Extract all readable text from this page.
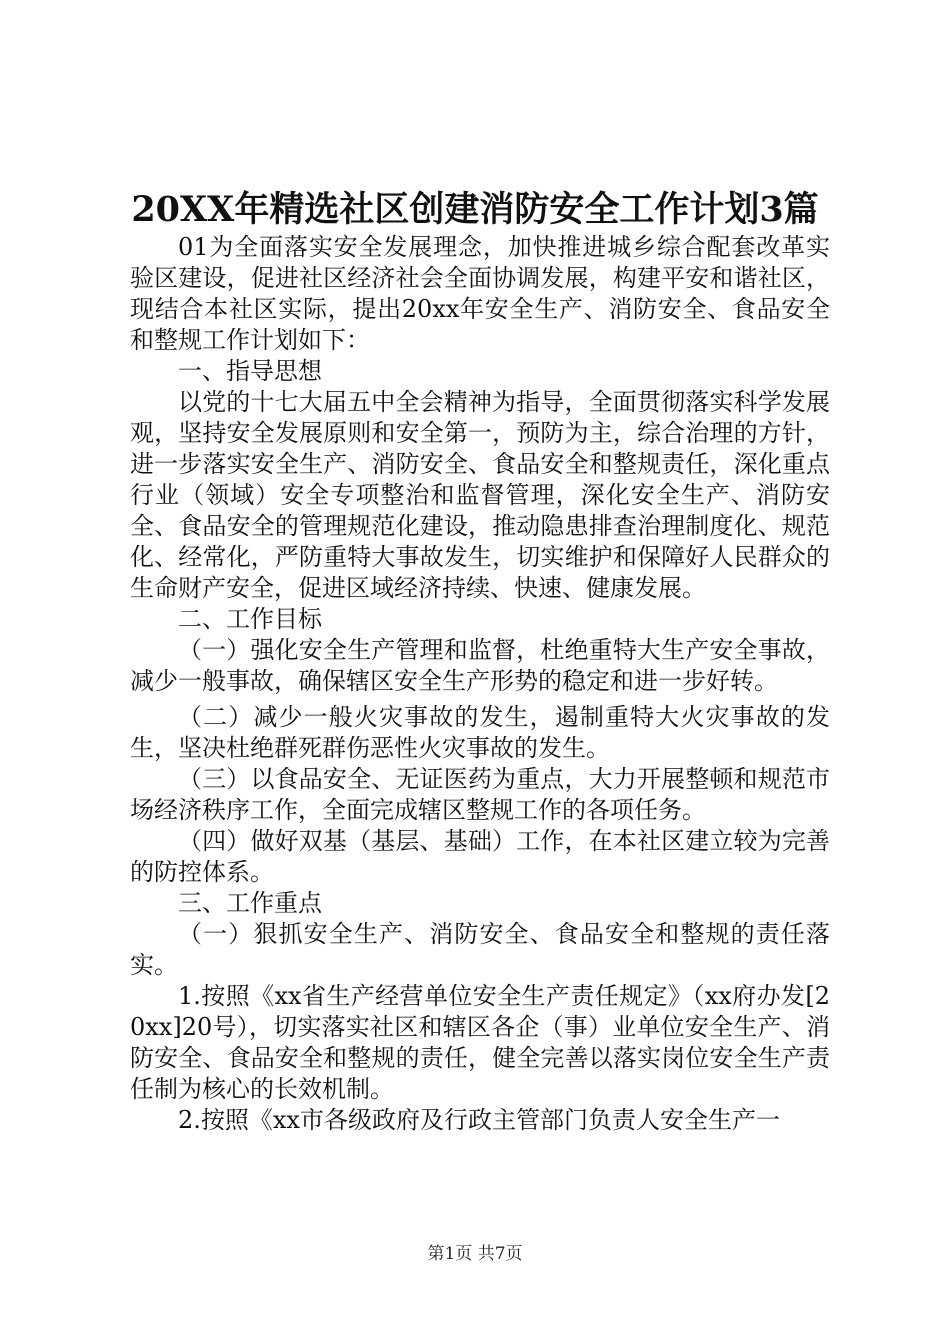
20XX年精选社区创建消防安全工作计划3篇

01为全面落实安全发展理念，加快推进城乡综合配套改革实验区建设，促进社区经济社会全面协调发展，构建平安和谐社区，现结合本社区实际，提出20xx年安全生产、消防安全、食品安全和整规工作计划如下：

一、指导思想

以党的十七大届五中全会精神为指导，全面贯彻落实科学发展观，坚持安全发展原则和安全第一，预防为主，综合治理的方针，进一步落实安全生产、消防安全、食品安全和整规责任，深化重点行业（领域）安全专项整治和监督管理，深化安全生产、消防安全、食品安全的管理规范化建设，推动隐患排查治理制度化、规范化、经常化，严防重特大事故发生，切实维护和保障好人民群众的生命财产安全，促进区域经济持续、快速、健康发展。

二、工作目标

（一）强化安全生产管理和监督，杜绝重特大生产安全事故，减少一般事故，确保辖区安全生产形势的稳定和进一步好转。

（二）减少一般火灾事故的发生，遏制重特大火灾事故的发生，坚决杜绝群死群伤恶性火灾事故的发生。

（三）以食品安全、无证医药为重点，大力开展整顿和规范市场经济秩序工作，全面完成辖区整规工作的各项任务。

（四）做好双基（基层、基础）工作，在本社区建立较为完善的防控体系。

三、工作重点

（一）狠抓安全生产、消防安全、食品安全和整规的责任落实。

1.按照《xx省生产经营单位安全生产责任规定》（xx府办发[20xx]20号），切实落实社区和辖区各企（事）业单位安全生产、消防安全、食品安全和整规的责任，健全完善以落实岗位安全生产责任制为核心的长效机制。

2.按照《xx市各级政府及行政主管部门负责人安全生产一

第1页 共7页
